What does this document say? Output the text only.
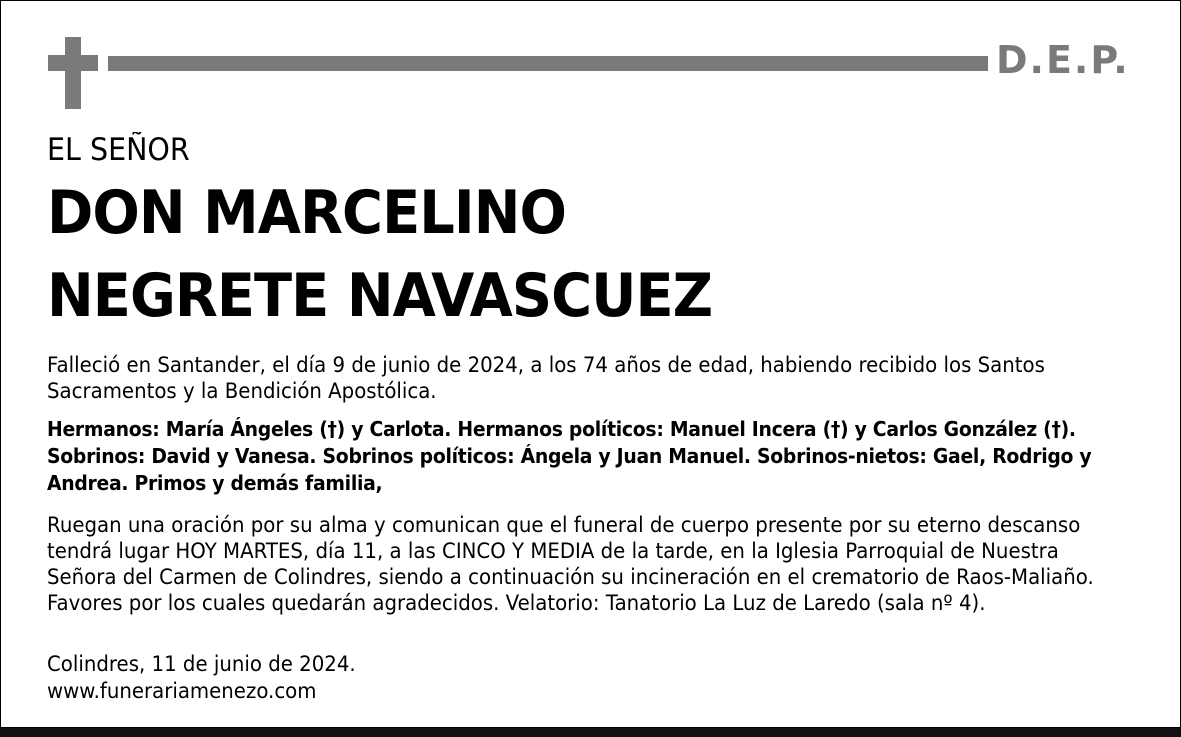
D.E.P.
EL SEÑOR
DON MARCELINO
NEGRETE NAVASCUEZ
Falleció en Santander, el día 9 de junio de 2024, a los 74 años de edad, habiendo recibido los Santos
Sacramentos y la Bendición Apostólica.
Hermanos: María Ángeles (†) y Carlota. Hermanos políticos: Manuel Incera (†) y Carlos González (†).
Sobrinos: David y Vanesa. Sobrinos políticos: Ángela y Juan Manuel. Sobrinos-nietos: Gael, Rodrigo y
Andrea. Primos y demás familia,
Ruegan una oración por su alma y comunican que el funeral de cuerpo presente por su eterno descanso
tendrá lugar HOY MARTES, día 11, a las CINCO Y MEDIA de la tarde, en la Iglesia Parroquial de Nuestra
Señora del Carmen de Colindres, siendo a continuación su incineración en el crematorio de Raos-Maliaño.
Favores por los cuales quedarán agradecidos. Velatorio: Tanatorio La Luz de Laredo (sala nº 4).
Colindres, 11 de junio de 2024.
www.funerariamenezo.com
